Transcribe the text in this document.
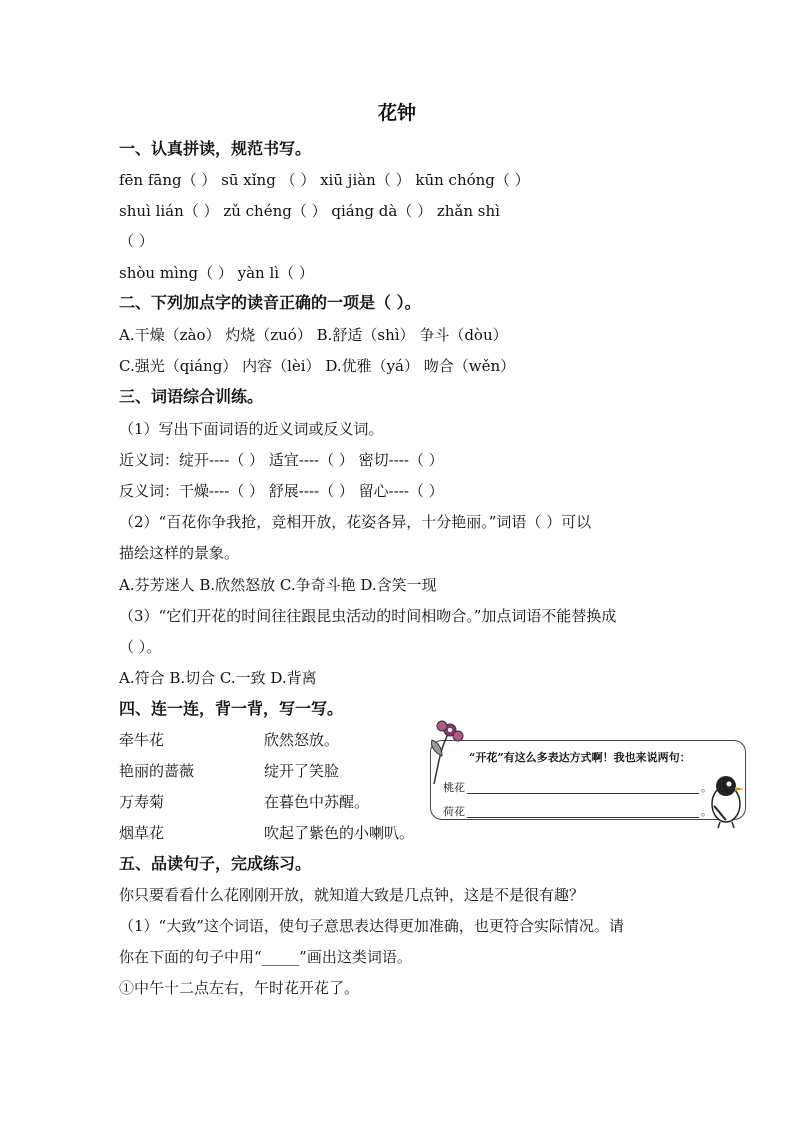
花钟
一、认真拼读，规范书写。
fēn fāng（ ） sū xǐng （ ） xiū jiàn（ ） kūn chóng（ ）
shuì lián（ ） zǔ chéng（ ） qiáng dà（ ） zhǎn shì
（ ）
shòu mìng（ ） yàn lì（ ）
二、下列加点字的读音正确的一项是（ ）。
A.干燥（zào） 灼烧（zuó） B.舒适（shì） 争斗（dòu）
C.强光（qiáng） 内容（lèi） D.优雅（yá） 吻合（wěn）
三、词语综合训练。
（1）写出下面词语的近义词或反义词。
近义词：绽开----（ ） 适宜----（ ） 密切----（ ）
反义词：干燥----（ ） 舒展----（ ） 留心----（ ）
（2）“百花你争我抢，竞相开放，花姿各异，十分艳丽。”词语（ ）可以
描绘这样的景象。
A.芬芳迷人 B.欣然怒放 C.争奇斗艳 D.含笑一现
（3）“它们开花的时间往往跟昆虫活动的时间相吻合。”加点词语不能替换成
（ ）。
A.符合 B.切合 C.一致 D.背离
四、连一连，背一背，写一写。
牵牛花
艳丽的蔷薇
万寿菊
烟草花
欣然怒放。
绽开了笑脸
在暮色中苏醒。
吹起了紫色的小喇叭。
“开花”有这么多表达方式啊！我也来说两句：
桃花	。
荷花	。
五、品读句子，完成练习。
你只要看看什么花刚刚开放，就知道大致是几点钟，这是不是很有趣？
（1）“大致”这个词语，使句子意思表达得更加准确，也更符合实际情况。请
你在下面的句子中用“_____”画出这类词语。
①中午十二点左右，午时花开花了。
